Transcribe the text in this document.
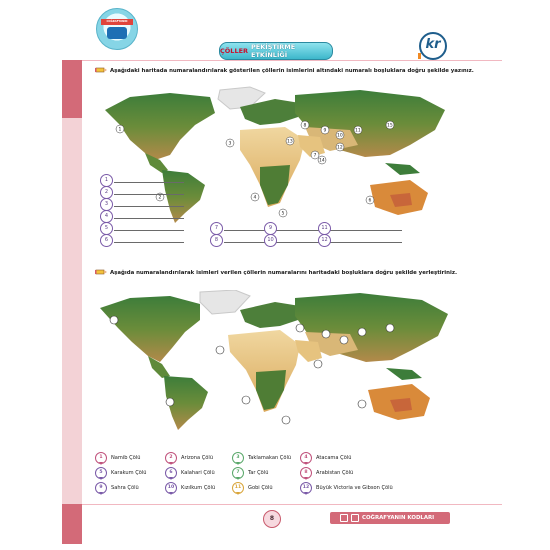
COĞRAFYANIN
ÇÖLLER PEKİŞTİRME ETKİNLİĞİ
kr
Aşağıdaki haritada numaralandırılarak gösterilen çöllerin isimlerini altındaki numaralı boşluklara doğru şekilde yazınız.
1
2
3
4
5
6
7
8
9
10
11
12
13
14
15
1
2
3
4
5
6
7
8
9
10
11
12
Aşağıda numaralandırılarak isimleri verilen çöllerin numaralarını haritadaki boşluklara doğru şekilde yerleştiriniz.
1	Namib Çölü	2	Arizona Çölü	3	Taklamakan Çölü	4	Atacama Çölü
5	Karakum Çölü	6	Kalahari Çölü	7	Tar Çölü	8	Arabistan Çölü
9	Sahra Çölü	10	Kızılkum Çölü	11	Gobi Çölü	12	Büyük Victoria ve Gibson Çölü
8	COĞRAFYANIN KODLARI
